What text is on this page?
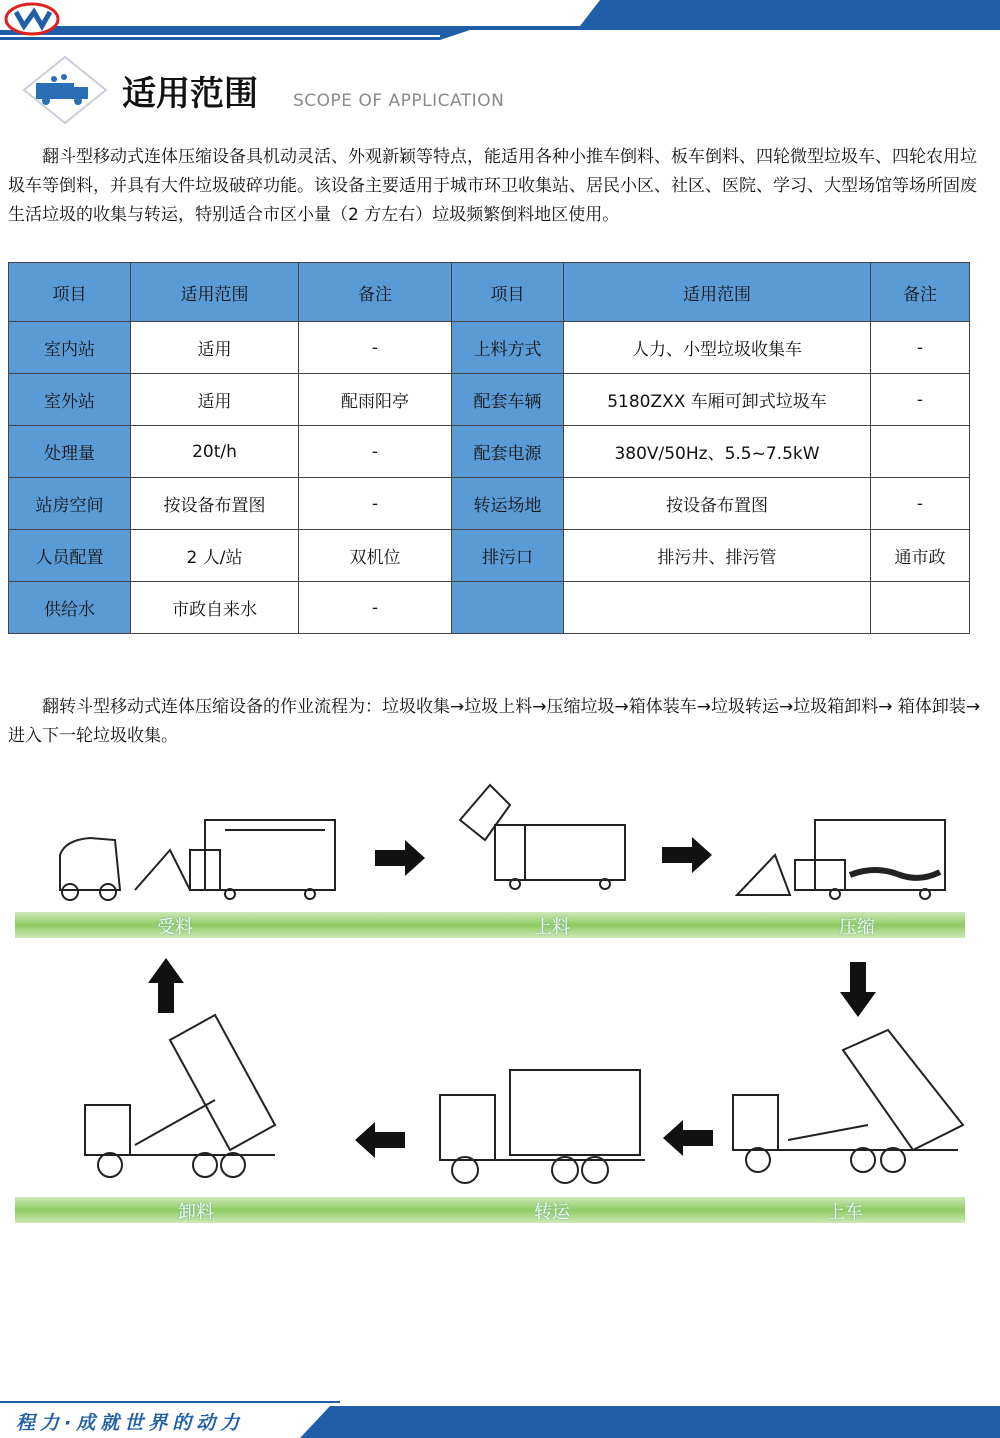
程力汽车新能源装备车厂
适用范围 SCOPE OF APPLICATION
翻斗型移动式连体压缩设备具机动灵活、外观新颖等特点，能适用各种小推车倒料、板车倒料、四轮微型垃圾车、四轮农用垃圾车等倒料，并具有大件垃圾破碎功能。该设备主要适用于城市环卫收集站、居民小区、社区、医院、学习、大型场馆等场所固废生活垃圾的收集与转运，特别适合市区小量（2 方左右）垃圾频繁倒料地区使用。
项目	适用范围	备注	项目	适用范围	备注
室内站	适用	-	上料方式	人力、小型垃圾收集车	-
室外站	适用	配雨阳亭	配套车辆	5180ZXX 车厢可卸式垃圾车	-
处理量	20t/h	-	配套电源	380V/50Hz、5.5~7.5kW	
站房空间	按设备布置图	-	转运场地	按设备布置图	-
人员配置	2 人/站	双机位	排污口	排污井、排污管	通市政
供给水	市政自来水	-			
翻转斗型移动式连体压缩设备的作业流程为：垃圾收集→垃圾上料→压缩垃圾→箱体装车→垃圾转运→垃圾箱卸料→ 箱体卸装→进入下一轮垃圾收集。
受料	上料	压缩
卸料	转运	上车
程力·成就世界的动力
